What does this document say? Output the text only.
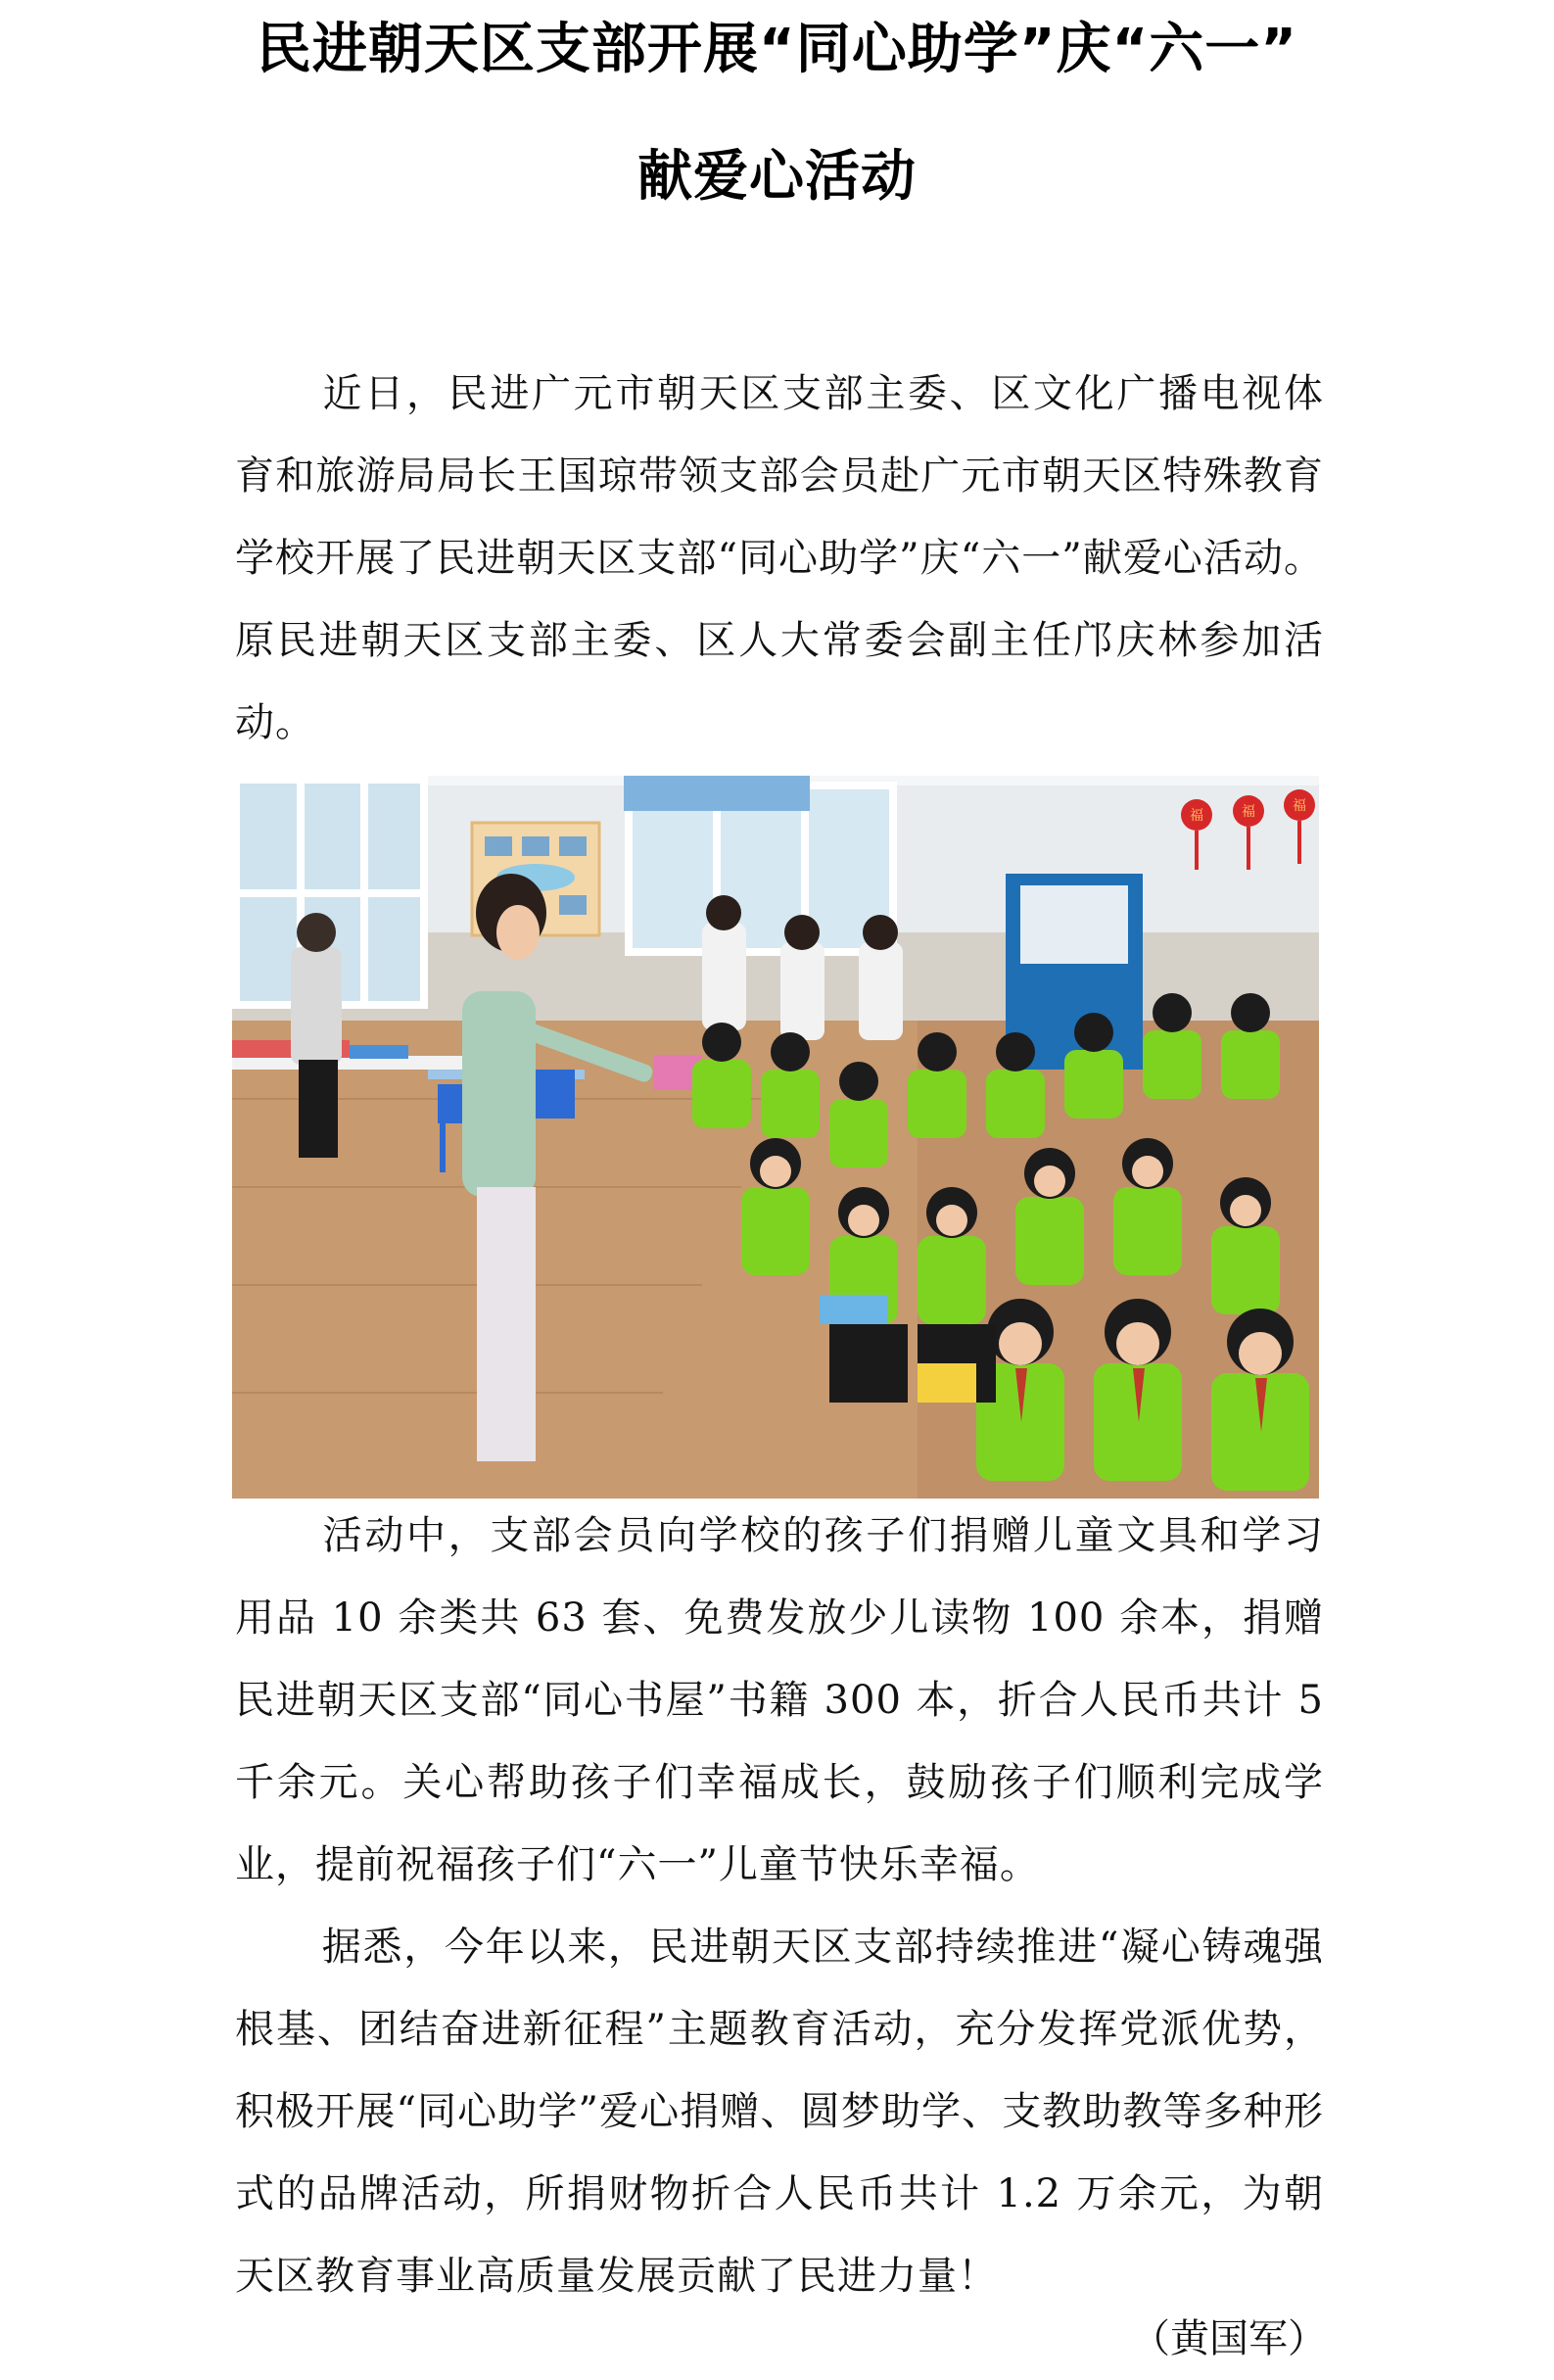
民进朝天区支部开展“同心助学”庆“六一”
献爱心活动
近日，民进广元市朝天区支部主委、区文化广播电视体育和旅游局局长王国琼带领支部会员赴广元市朝天区特殊教育学校开展了民进朝天区支部“同心助学”庆“六一”献爱心活动。原民进朝天区支部主委、区人大常委会副主任邝庆林参加活动。
福	福	福
活动中，支部会员向学校的孩子们捐赠儿童文具和学习用品 10 余类共 63 套、免费发放少儿读物 100 余本，捐赠民进朝天区支部“同心书屋”书籍 300 本，折合人民币共计 5 千余元。关心帮助孩子们幸福成长，鼓励孩子们顺利完成学业，提前祝福孩子们“六一”儿童节快乐幸福。
据悉，今年以来，民进朝天区支部持续推进“凝心铸魂强根基、团结奋进新征程”主题教育活动，充分发挥党派优势，积极开展“同心助学”爱心捐赠、圆梦助学、支教助教等多种形式的品牌活动，所捐财物折合人民币共计 1.2 万余元，为朝天区教育事业高质量发展贡献了民进力量！
（黄国军）
